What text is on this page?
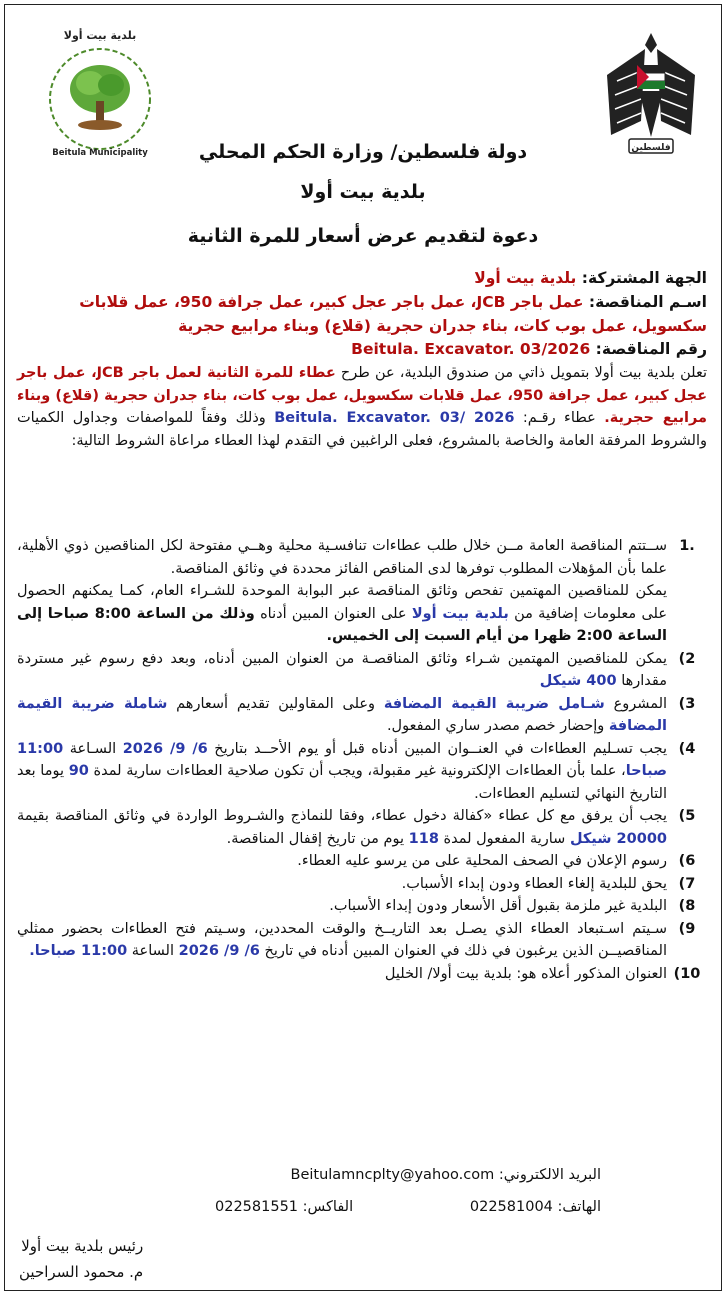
بلدية بيت أولا
Beitula Municipality	فلسطين
دولة فلسطين/ وزارة الحكم المحلي
بلدية بيت أولا
دعوة لتقديم عرض أسعار للمرة الثانية
الجهة المشتركة: بلدية بيت أولا
اسـم المناقصة: عمل باجر JCB، عمل باجر عجل كبير، عمل جرافة 950، عمل قلابات سكسويل، عمل بوب كات، بناء جدران حجرية (قلاع) وبناء مرابيع حجرية
رقم المناقصة: Beitula. Excavator. 03/2026
تعلن بلدية بيت أولا بتمويل ذاتي من صندوق البلدية، عن طرح عطاء للمرة الثانية لعمل باجر JCB، عمل باجر عجل كبير، عمل جرافة 950، عمل قلابات سكسويل، عمل بوب كات، بناء جدران حجرية (قلاع) وبناء مرابيع حجرية. عطاء رقـم: Beitula. Excavator. 03/ 2026 وذلك وفقاً للمواصفات وجداول الكميات والشروط المرفقة العامة والخاصة بالمشروع، فعلى الراغبين في التقدم لهذا العطاء مراعاة الشروط التالية:
.1
ســتتم المناقصة العامة مــن خلال طلب عطاءات تنافسـية محلية وهــي مفتوحة لكل المناقصين ذوي الأهلية، علما بأن المؤهلات المطلوب توفرها لدى المناقص الفائز محددة في وثائق المناقصة.
يمكن للمناقصين المهتمين تفحص وثائق المناقصة عبر البوابة الموحدة للشـراء العام، كمـا يمكنهم الحصول على معلومات إضافية من بلدية بيت أولا على العنوان المبين أدناه وذلك من الساعة 8:00 صباحا إلى الساعة 2:00 ظهرا من أيام السبت إلى الخميس.
2)
يمكن للمناقصين المهتمين شـراء وثائق المناقصـة من العنوان المبين أدناه، وبعد دفع رسوم غير مستردة مقدارها 400 شيكل
3)
المشروع شـامل ضريبة القيمة المضافة وعلى المقاولين تقديم أسعارهم شاملة ضريبة القيمة المضافة وإحضار خصم مصدر ساري المفعول.
4)
يجب تسـليم العطاءات في العنــوان المبين أدناه قبل أو يوم الأحــد بتاريخ 2026 /9 /6 السـاعة 11:00 صباحا، علما بأن العطاءات الإلكترونية غير مقبولة، ويجب أن تكون صلاحية العطاءات سارية لمدة 90 يوما بعد التاريخ النهائي لتسليم العطاءات.
5)
يجب أن يرفق مع كل عطاء «كفالة دخول عطاء، وفقا للنماذج والشـروط الواردة في وثائق المناقصة بقيمة 20000 شيكل سارية المفعول لمدة 118 يوم من تاريخ إقفال المناقصة.
6)
رسوم الإعلان في الصحف المحلية على من يرسو عليه العطاء.
7)
يحق للبلدية إلغاء العطاء ودون إبداء الأسباب.
8)
البلدية غير ملزمة بقبول أقل الأسعار ودون إبداء الأسباب.
9)
سـيتم اسـتبعاد العطاء الذي يصـل بعد التاريــخ والوقت المحددين، وسـيتم فتح العطاءات بحضور ممثلي المناقصيــن الذين يرغبون في ذلك في العنوان المبين أدناه في تاريخ 2026 /9 /6 الساعة 11:00 صباحا.
10)
العنوان المذكور أعلاه هو: بلدية بيت أولا/ الخليل
البريد الالكتروني: Beitulamncplty@yahoo.com
الهاتف: 022581004
الفاكس: 022581551
رئيس بلدية بيت أولا
م. محمود السراحين
